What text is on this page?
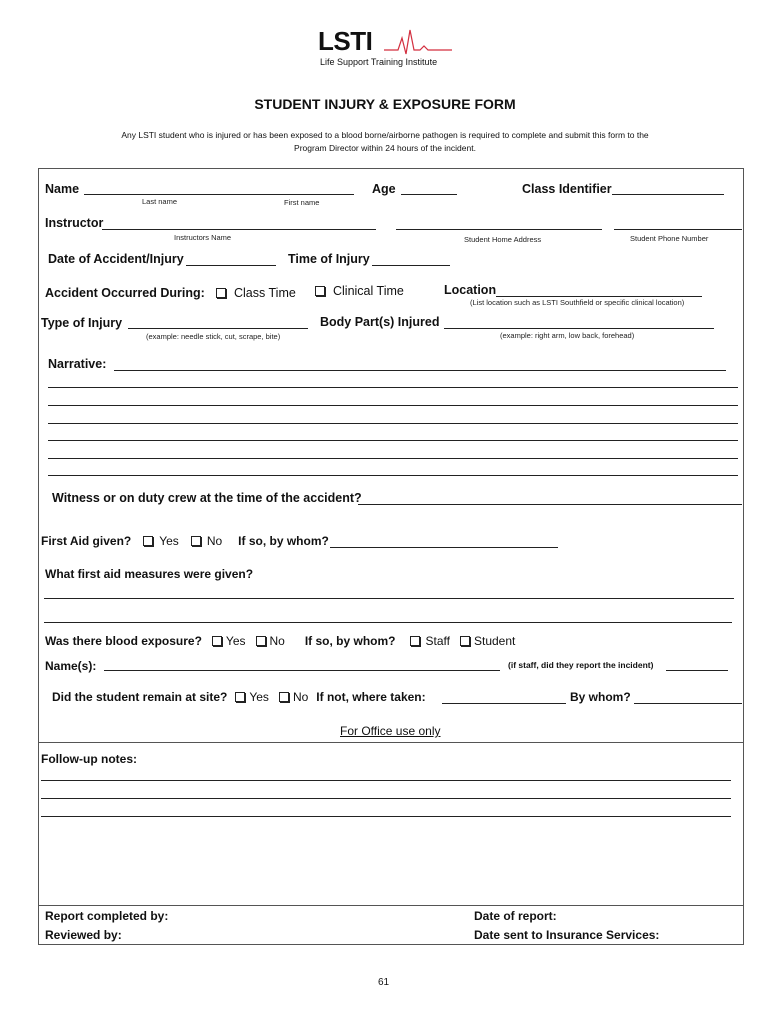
LSTI
Life Support Training Institute
STUDENT INJURY & EXPOSURE FORM
Any LSTI student who is injured or has been exposed to a blood borne/airborne pathogen is required to complete and submit this form to the
Program Director within 24 hours of the incident.
Name
Last name	First name
Age	Class Identifier
Instructor
Instructors Name	Student Home Address	Student Phone Number
Date of Accident/Injury	Time of Injury
Accident Occurred During: Class Time	Clinical Time	Location
(List location such as LSTI Southfield or specific clinical location)
Type of Injury
(example: needle stick, cut, scrape, bite)
Body Part(s) Injured
(example: right arm, low back, forehead)
Narrative:
Witness or on duty crew at the time of the accident?
First Aid given? Yes No If so, by whom?
What first aid measures were given?
Was there blood exposure? Yes No If so, by whom?	Staff Student
Name(s):	(if staff, did they report the incident)
Did the student remain at site? Yes No If not, where taken:	By whom?
For Office use only
Follow-up notes:
Report completed by:	Date of report:
Reviewed by:	Date sent to Insurance Services:
61
